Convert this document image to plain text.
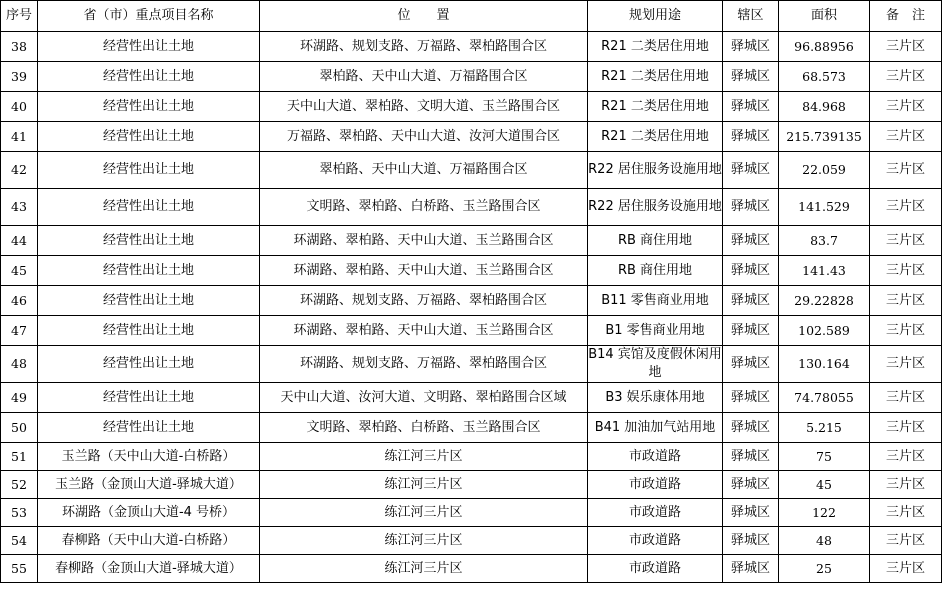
序号	省（市）重点项目名称	位　　置	规划用途	辖区	面积	备　注
38	经营性出让土地	环湖路、规划支路、万福路、翠柏路围合区	R21 二类居住用地	驿城区	96.88956	三片区
39	经营性出让土地	翠柏路、天中山大道、万福路围合区	R21 二类居住用地	驿城区	68.573	三片区
40	经营性出让土地	天中山大道、翠柏路、文明大道、玉兰路围合区	R21 二类居住用地	驿城区	84.968	三片区
41	经营性出让土地	万福路、翠柏路、天中山大道、汝河大道围合区	R21 二类居住用地	驿城区	215.739135	三片区
42	经营性出让土地	翠柏路、天中山大道、万福路围合区	R22 居住服务设施用地	驿城区	22.059	三片区
43	经营性出让土地	文明路、翠柏路、白桥路、玉兰路围合区	R22 居住服务设施用地	驿城区	141.529	三片区
44	经营性出让土地	环湖路、翠柏路、天中山大道、玉兰路围合区	RB 商住用地	驿城区	83.7	三片区
45	经营性出让土地	环湖路、翠柏路、天中山大道、玉兰路围合区	RB 商住用地	驿城区	141.43	三片区
46	经营性出让土地	环湖路、规划支路、万福路、翠柏路围合区	B11 零售商业用地	驿城区	29.22828	三片区
47	经营性出让土地	环湖路、翠柏路、天中山大道、玉兰路围合区	B1 零售商业用地	驿城区	102.589	三片区
48	经营性出让土地	环湖路、规划支路、万福路、翠柏路围合区	B14 宾馆及度假休闲用地	驿城区	130.164	三片区
49	经营性出让土地	天中山大道、汝河大道、文明路、翠柏路围合区域	B3 娱乐康体用地	驿城区	74.78055	三片区
50	经营性出让土地	文明路、翠柏路、白桥路、玉兰路围合区	B41 加油加气站用地	驿城区	5.215	三片区
51	玉兰路（天中山大道-白桥路）	练江河三片区	市政道路	驿城区	75	三片区
52	玉兰路（金顶山大道-驿城大道）	练江河三片区	市政道路	驿城区	45	三片区
53	环湖路（金顶山大道-4 号桥）	练江河三片区	市政道路	驿城区	122	三片区
54	春柳路（天中山大道-白桥路）	练江河三片区	市政道路	驿城区	48	三片区
55	春柳路（金顶山大道-驿城大道）	练江河三片区	市政道路	驿城区	25	三片区
